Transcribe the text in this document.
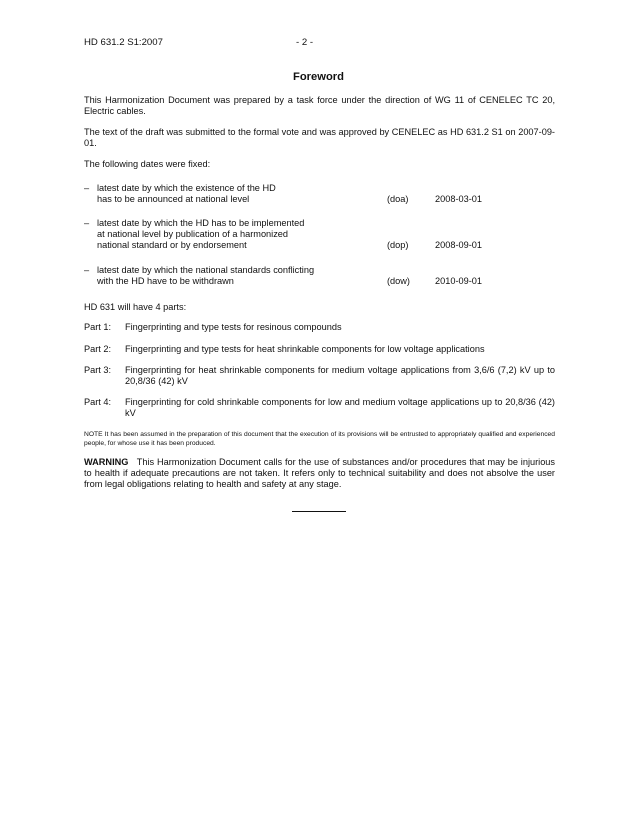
HD 631.2 S1:2007	- 2 -
Foreword
This Harmonization Document was prepared by a task force under the direction of WG 11 of CENELEC TC 20, Electric cables.
The text of the draft was submitted to the formal vote and was approved by CENELEC as HD 631.2 S1 on 2007-09-01.
The following dates were fixed:
– latest date by which the existence of the HD
has to be announced at national level	(doa)	2008-03-01
– latest date by which the HD has to be implemented
at national level by publication of a harmonized
national standard or by endorsement	(dop)	2008-09-01
– latest date by which the national standards conflicting
with the HD have to be withdrawn	(dow)	2010-09-01
HD 631 will have 4 parts:
Part 1: Fingerprinting and type tests for resinous compounds
Part 2: Fingerprinting and type tests for heat shrinkable components for low voltage applications
Part 3: Fingerprinting for heat shrinkable components for medium voltage applications from 3,6/6 (7,2) kV up to 20,8/36 (42) kV
Part 4: Fingerprinting for cold shrinkable components for low and medium voltage applications up to 20,8/36 (42) kV
NOTE It has been assumed in the preparation of this document that the execution of its provisions will be entrusted to appropriately qualified and experienced people, for whose use it has been produced.
WARNING This Harmonization Document calls for the use of substances and/or procedures that may be injurious to health if adequate precautions are not taken. It refers only to technical suitability and does not absolve the user from legal obligations relating to health and safety at any stage.
